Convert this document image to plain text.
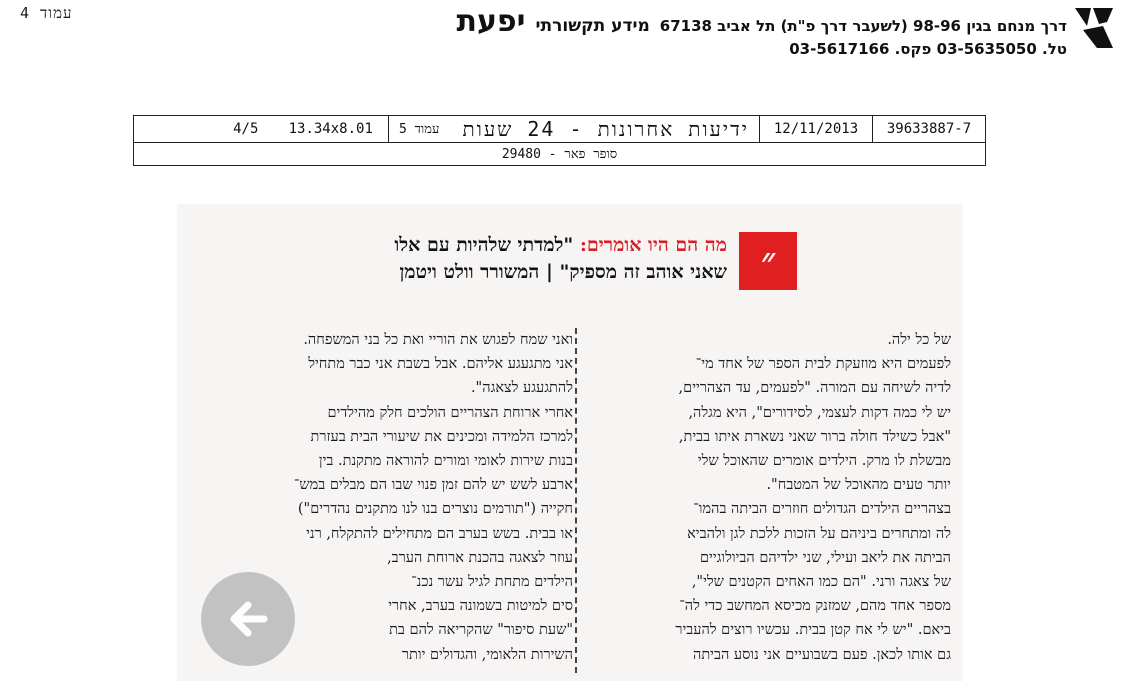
עמוד 4	יפעת מידע תקשורתי דרך מנחם בגין 98-96 (לשעבר דרך פ"ת) תל אביב 67138
טל. 03-5635050 פקס. 03-5617166
39633887-7
12/11/2013
ידיעות אחרונות - 24 שעות
עמוד 5
4/5 13.34x8.01
סופר פאר - 29480
״
מה הם היו אומרים: "למדתי שלהיות עם אלו
שאני אוהב זה מספיק" | המשורר וולט ויטמן
של כל ילה.
לפעמים היא מוזעקת לבית הספר של אחד מי־
לדיה לשיחה עם המורה. "לפעמים, עד הצהריים,
יש לי כמה דקות לעצמי, לסידורים", היא מגלה,
"אבל כשילד חולה ברור שאני נשארת איתו בבית,
מבשלת לו מרק. הילדים אומרים שהאוכל שלי
יותר טעים מהאוכל של המטבח".
בצהריים הילדים הגדולים חוזרים הביתה בהמו־
לה ומתחרים ביניהם על הזכות ללכת לגן ולהביא
הביתה את ליאב ועילי, שני ילדיהם הביולוגיים
של צאגה ורני. "הם כמו האחים הקטנים שלי",
מספר אחד מהם, שמזנק מכיסא המחשב כדי לה־
ביאם. "יש לי אח קטן בבית. עכשיו רוצים להעביר
גם אותו לכאן. פעם בשבועיים אני נוסע הביתה
ואני שמח לפגוש את הוריי ואת כל בני המשפחה.
אני מתגעגע אליהם. אבל בשבת אני כבר מתחיל
להתגעגע לצאגה".
אחרי ארוחת הצהריים הולכים חלק מהילדים
למרכז הלמידה ומכינים את שיעורי הבית בעזרת
בנות שירות לאומי ומורים להוראה מתקנת. בין
ארבע לשש יש להם זמן פנוי שבו הם מבלים במש־
חקייה ("תורמים נוצרים בנו לנו מתקנים נהדרים")
או בבית. בשש בערב הם מתחילים להתקלח, רני
עוזר לצאגה בהכנת ארוחת הערב,
הילדים מתחת לגיל עשר נכנ־
סים למיטות בשמונה בערב, אחרי
"שעת סיפור" שהקריאה להם בת
השירות הלאומי, והגדולים יותר
